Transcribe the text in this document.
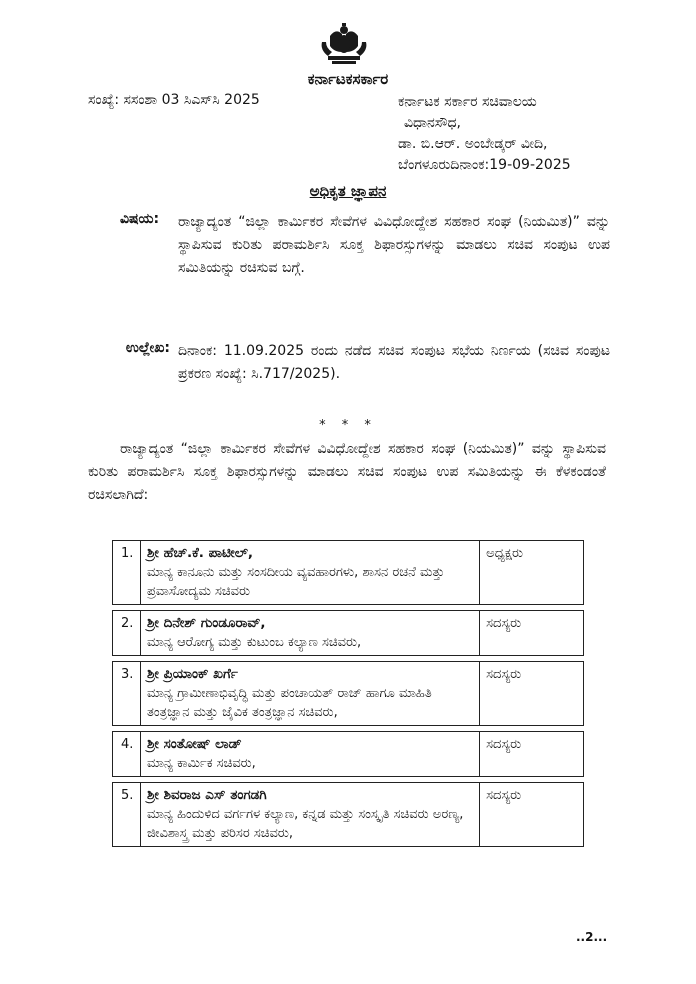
ಕರ್ನಾಟಕಸರ್ಕಾರ
ಸಂಖ್ಯೆ: ಸಸಂಶಾ 03 ಸಿಎಸ್‌ಸಿ 2025	ಕರ್ನಾಟಕ ಸರ್ಕಾರ ಸಚಿವಾಲಯ
ವಿಧಾನಸೌಧ,
ಡಾ. ಬಿ.ಆರ್. ಅಂಬೇಡ್ಕರ್ ವೀದಿ,
ಬೆಂಗಳೂರುದಿನಾಂಕ:19-09-2025
ಅಧಿಕೃತ ಜ್ಞಾಪನ
ವಿಷಯ:	ರಾಜ್ಯಾದ್ಯಂತ “ಜಿಲ್ಲಾ ಕಾರ್ಮಿಕರ ಸೇವೆಗಳ ವಿವಿಧೋದ್ದೇಶ ಸಹಕಾರ ಸಂಘ (ನಿಯಮಿತ)” ವನ್ನು ಸ್ಥಾಪಿಸುವ ಕುರಿತು ಪರಾಮರ್ಶಿಸಿ ಸೂಕ್ತ ಶಿಫಾರಸ್ಸುಗಳನ್ನು ಮಾಡಲು ಸಚಿವ ಸಂಪುಟ ಉಪ ಸಮಿತಿಯನ್ನು ರಚಿಸುವ ಬಗ್ಗೆ.
ಉಲ್ಲೇಖ: ದಿನಾಂಕ: 11.09.2025 ರಂದು ನಡೆದ ಸಚಿವ ಸಂಪುಟ ಸಭೆಯ ನಿರ್ಣಯ (ಸಚಿವ ಸಂಪುಟ ಪ್ರಕರಣ ಸಂಖ್ಯೆ: ಸಿ.717/2025).
* * *
ರಾಜ್ಯಾದ್ಯಂತ “ಜಿಲ್ಲಾ ಕಾರ್ಮಿಕರ ಸೇವೆಗಳ ವಿವಿಧೋದ್ದೇಶ ಸಹಕಾರ ಸಂಘ (ನಿಯಮಿತ)” ವನ್ನು ಸ್ಥಾಪಿಸುವ ಕುರಿತು ಪರಾಮರ್ಶಿಸಿ ಸೂಕ್ತ ಶಿಫಾರಸ್ಸುಗಳನ್ನು ಮಾಡಲು ಸಚಿವ ಸಂಪುಟ ಉಪ ಸಮಿತಿಯನ್ನು ಈ ಕೆಳಕಂಡಂತೆ ರಚಿಸಲಾಗಿದೆ:
1.	ಶ್ರೀ ಹೆಚ್.ಕೆ. ಪಾಟೀಲ್,
ಮಾನ್ಯ ಕಾನೂನು ಮತ್ತು ಸಂಸದೀಯ ವ್ಯವಹಾರಗಳು, ಶಾಸನ ರಚನೆ ಮತ್ತು ಪ್ರವಾಸೋದ್ಯಮ ಸಚಿವರು	ಅಧ್ಯಕ್ಷರು

2.	ಶ್ರೀ ದಿನೇಶ್ ಗುಂಡೂರಾವ್,
ಮಾನ್ಯ ಆರೋಗ್ಯ ಮತ್ತು ಕುಟುಂಬ ಕಲ್ಯಾಣ ಸಚಿವರು,	ಸದಸ್ಯರು

3.	ಶ್ರೀ ಪ್ರಿಯಾಂಕ್ ಖರ್ಗೆ
ಮಾನ್ಯ ಗ್ರಾಮೀಣಾಭಿವೃದ್ಧಿ ಮತ್ತು ಪಂಚಾಯತ್ ರಾಜ್ ಹಾಗೂ ಮಾಹಿತಿ ತಂತ್ರಜ್ಞಾನ ಮತ್ತು ಜೈವಿಕ ತಂತ್ರಜ್ಞಾನ ಸಚಿವರು,	ಸದಸ್ಯರು

4.	ಶ್ರೀ ಸಂತೋಷ್ ಲಾಡ್
ಮಾನ್ಯ ಕಾರ್ಮಿಕ ಸಚಿವರು,	ಸದಸ್ಯರು

5.	ಶ್ರೀ ಶಿವರಾಜ ಎಸ್ ತಂಗಡಗಿ
ಮಾನ್ಯ ಹಿಂದುಳಿದ ವರ್ಗಗಳ ಕಲ್ಯಾಣ, ಕನ್ನಡ ಮತ್ತು ಸಂಸ್ಕೃತಿ ಸಚಿವರು ಅರಣ್ಯ, ಜೀವಿಶಾಸ್ತ್ರ ಮತ್ತು ಪರಿಸರ ಸಚಿವರು,	ಸದಸ್ಯರು
..2...
